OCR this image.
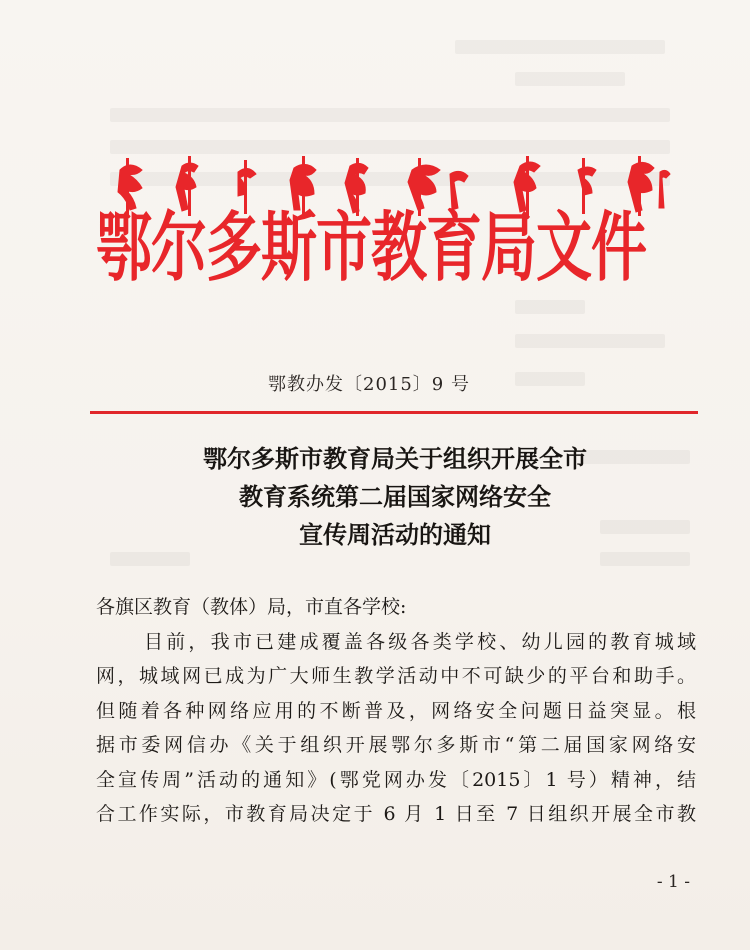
鄂尔多斯市教育局文件
鄂教办发〔2015〕9 号
鄂尔多斯市教育局关于组织开展全市
教育系统第二届国家网络安全
宣传周活动的通知
各旗区教育（教体）局，市直各学校:
目前，我市已建成覆盖各级各类学校、幼儿园的教育城域
网，城域网已成为广大师生教学活动中不可缺少的平台和助手。
但随着各种网络应用的不断普及，网络安全问题日益突显。根
据市委网信办《关于组织开展鄂尔多斯市“第二届国家网络安
全宣传周”活动的通知》(鄂党网办发〔2015〕1 号）精神，结
合工作实际，市教育局决定于 6 月 1 日至 7 日组织开展全市教
- 1 -
